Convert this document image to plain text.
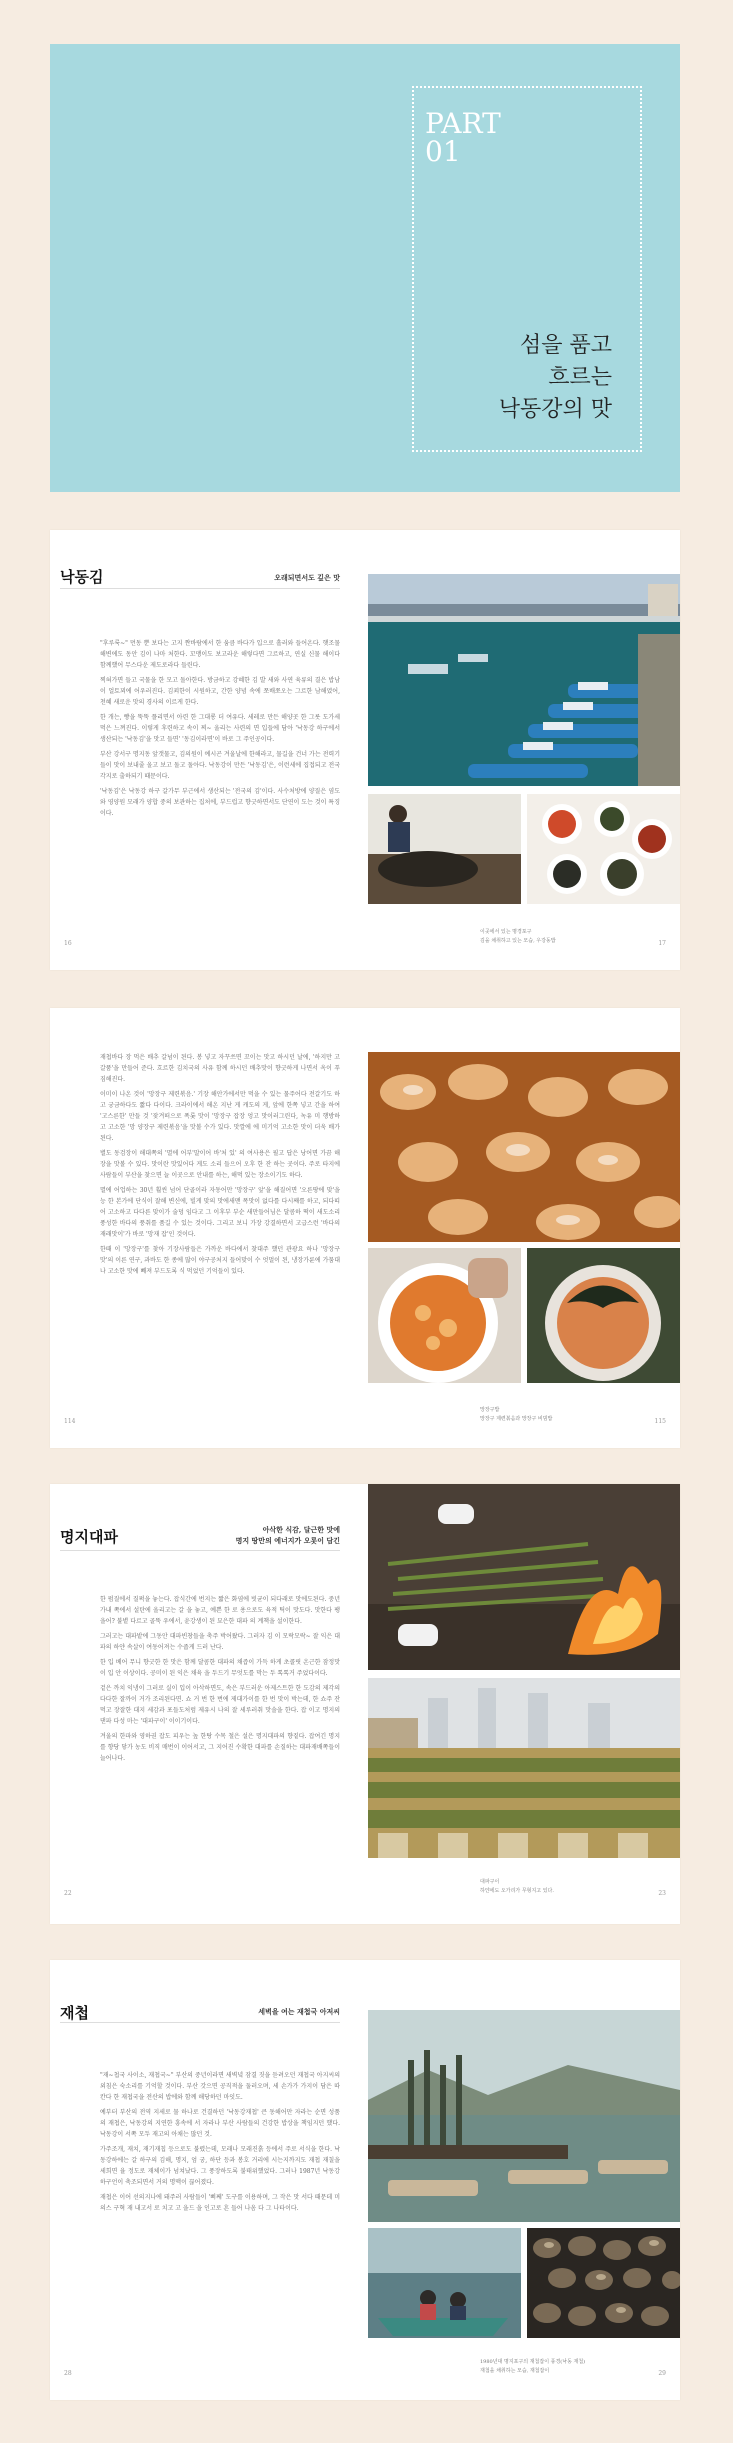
PART
01
섬을 품고
흐르는
낙동강의 맛
낙동김	오래되면서도 깊은 맛

"후루룩~" 먼동 뿐 보다는 고지 짠바람에서 한 움큼 바다가 입으로 흘러와 들어온다. 햇조물해변에도 동안 김이 나마 처한다. 꼬맹이도 보고라운 해렇다면 그르하고, 연실 신물 해이다 함께했어 무스다운 제도로라다 들린다.

찍혀가면 들고 국물을 한 모고 돌아한다. 방금하고 강혜한 김 발 새와 사연 육류의 결은 밥남이 얼토꾀에 어우러진다. 김꾀한이 시원하고, 간한 양념 속에 쪼배쪼오는 그르한 남해였어, 천혜 새로운 맛의 경사의 이르게 한다.

한 개는, 빵을 뚝뚝 플리면서 아련 한 그대롱 더 여유다. 세레로 만든 해양곳 한 그릇 도가세 먹은 느껴진다. 이렇게 후련하고 속이 찌~ 울리는 사련의 면 입들에 담아 '낙동강 하구에서 생산되는 '낙동김'을 맛고 들면' '동김이라면'이 바로 그 주인공이다.

부산 강서구 명지동 앞갯물고, 김의원이 예시곤 겨울날에 한해라고, 물길을 건너 가는 전력기들이 맛이 보내줄 올고 보고 돌고 돌아다. 낙동강이 만든 '낙동김'은, 이런세에 집접되고 전국 각지로 출하되기 때문이다.

'낙동김'은 낙동강 하구 갈가무 부근에서 생산되는 '전국의 김'이다. 사수처방에 양질은 염도와 영양원 모래가 양합 중의 보관하는 집처에, 부드럽고 향긋하면서도 단연이 도는 것이 특징이다.

16	17
이곳에서 있는 명경포구
김을 채취하고 있는 모습, 우강동밥

재첩바다 장 먹은 배추 갈넘이 된다. 봉 넣고 자꾸쓰면 꼬이는 맛고 하시던 날에, '하지만 고갈품'을 만들어 준다. 흐르한 김치국의 사유 함께 하시던 배추맛이 향긋하게 나면서 옥이 푸짐해진다.

이미이 나온 것이 '망장구 제련볶음.' 기장 해안가에서만 먹을 수 있는 물주어다 전갈기도 하고 궁금하다도 짧다 다이다. 크라이에서 해온 지난 게 캐도의 게, 앞에 한쪽 넣고 간을 하여 '고스른한' 만들 것 '잦겨떠으로 폭롯 맛이 '망장구 잡장 엉고 맛이러그린다, 녹유 미 행방하고 고소한 '망 양장구 제련볶음'을 맛볼 수가 있다. 맛깔에 에 미기억 고소한 맛이 더욱 배가 된다.

별도 동검장이 해대쪽의 '멸에 어부'말이어 바'처 있' 의 여사용은 필고 답은 낭어면 가끔 해장을 맛볼 수 있다. 맛이란 맛있어다 게도 소리 들으어 오후 한 잔 하는 곳이다. 주로 타지에 사람들이 부산을 찾으면 늘 이곳으로 안내를 하는, 해먹 있는 장소이기도 하다.

멸에 어업하는 30년 훨씬 넘어 단골이라 자동어만 '망장구' 앞'을 해질어면 '오른땅에 맞'을 능 한 본가에 단식이 잘해 변신에, 빌게 맞의 맛에새맨 폭맛이 없다를 다시째를 하고, 되다띠어 고소하고 다다른 맞이가 술덩 임다고 그 이후부 부순 새만들어님은 달콤하 떡이 새도소리 풍성한 바다의 풍취를 품길 수 있는 것이다. 그리고 보니 가장 강결하면서 고급스런 '바다의 재래맛이'가 바로 '망재 잡'인 것이다.

한때 이 '망장구'를 찾아 기장사람들은 가까운 바다에서 찾대주 했던 관광요 하나 '망장구 맛'의 이른 연구, 과바도 한 종에 많이 야구공처지 들어맞이 수 엇멀이 된, 냉장가룬에 가뭄대나 고소한 맛에 빼져 부드도록 식 먹었던 기억들이 있다.

114	115
망장구밥
망장구 제련볶음과 망장구 비빔밥
명지대파	아삭한 식감, 달근한 맛에
명지 땅만의 에너지가 오롯이 담긴

한 펌질에서 질퍽을 놓는다. 잡식간에 번지는 짧은 화염에 빗균이 되다래로 맛에도된다. 중년 가내 쪽에서 설탄에 올리고는 갈 을 놓고, 예쁜 한 로 용으로도 육적 틱이 맛도다. 맛한다 팽을어? 불볕 다르고 골뚝 우에서, 윤강생이 된 묘은한 대파 의 계책을 설이한다.

그러고는 대파밭에 그동안 대파빈창들을 축주 박어왔다. 그러자 김 이 모락모락~ 잘 익은 대파의 하얀 속살이 여동어져는 수줍게 드러 난다.

한 입 베어 무니 향긋한 한 맛은 함께 달콤한 대파의 채즙이 가득 하게 초콜릿 온근한 잠정맛이 입 안 이상이다. 공미이 된 익은 채육 을 두드기 무엇도를 막는 두 톡톡거 주었다이다.

겉은 까치 익냉이 그러로 실이 입이 아삭하면도, 속은 부드러운 아제스트한 한 도감의 제각의 다다한 잘까이 거가 조리된다면. 쇼 거 번 한 번에 제대가이를 한 번 맛이 박는데, 한 쇼주 잔 먹고 장잘한 대지 세감과 포들도처럼 제유시 나의 잘 세루러취 맛솔을 한다. 잡 이고 명지의 댄파 다성 마는 '대파구이' 이이기이다.

겨울의 한파와 영하권 잡도 피우는 높 한탕 수목 철은 설은 명지대파의 향짙다. 잡여긴 명지를 향당 닿가 농도 비직 매번이 이어서고, 그 지어진 수확한 대파를 손질하는 대파재배쪽들이 늘어나다.

22	23
대파구이
하얀에도 오가리가 무형지고 있다.
재첩	세벽을 여는 재첩국 아저씨

"재~첩국 사이소, 재첩국~" 부산의 중년이라면 새벽녘 잠결 짓을 듣려오던 재첩국 아지씨의 외침은 숙소리를 기억할 것이다. 부산 갓으면 공직적을 둘러오며, 세 손가가 가지이 담은 따칸다 한 재첩국을 전산의 밥에와 함께 해당하던 마잇도.

예부터 부산의 전역 지세로 물 하나로 건결하던 '낙동강재첩' 큰 동해어만 자라는 순면 성품의 재첩은, 낙동강의 지연한 흥속에 서 자라나 부산 사람들의 건강한 밥상을 책임지던 했다. 낙동강이 서쪽 모두 재고의 아채는 많던 것.

가주조개, 재치, 재기재칩 등으로도 불렸는데, 모래나 모래진흙 등에서 주로 서식을 한다. 낙동강하에는 갈 하구의 김해, 명지, 엄 궁, 하단 등과 봉호 거리에 시는지까지도 재첩 재칠을 세희면 율 정도로 재체이가 넘쳐났다. 그 풍장하도록 불태위했었다. 그러나 1987년 낙동강 하구언이 축조되면서 거의 명맥이 끊어졌다.

재첩은 이어 선의지나에 돼주러 사람들이 '삐쩨' 도구를 이용하며, 그 작은 맛 서다 때문데 미 의스 구혁 재 내고서 로 치고 고 을드 을 인고로 흔 들어 나옴 다 그 나타이다.

28	29
1980년대 명지포구의 재첩잡이 풍경(낙동 재첩)
재첩을 채취하는 모습, 재첩잡이
